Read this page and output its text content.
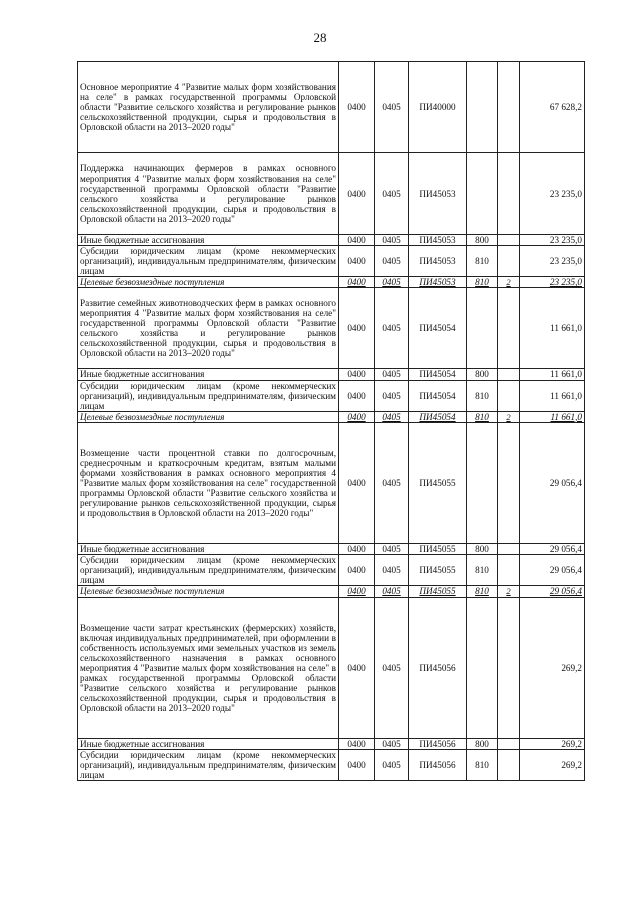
28
Основное мероприятие 4 "Развитие малых форм хозяйствования на селе" в рамках государственной программы Орловской области "Развитие сельского хозяйства и регулирование рынков сельскохозяйственной продукции, сырья и продовольствия в Орловской области на 2013–2020 годы"	0400	0405	ПИ40000			67 628,2
Поддержка начинающих фермеров в рамках основного мероприятия 4 "Развитие малых форм хозяйствования на селе" государственной программы Орловской области "Развитие сельского хозяйства и регулирование рынков сельскохозяйственной продукции, сырья и продовольствия в Орловской области на 2013–2020 годы"	0400	0405	ПИ45053			23 235,0
Иные бюджетные ассигнования	0400	0405	ПИ45053	800		23 235,0
Субсидии юридическим лицам (кроме некоммерческих организаций), индивидуальным предпринимателям, физическим лицам	0400	0405	ПИ45053	810		23 235,0
Целевые безвозмездные поступления	0400	0405	ПИ45053	810	2	23 235,0
Развитие семейных животноводческих ферм в рамках основного мероприятия 4 "Развитие малых форм хозяйствования на селе" государственной программы Орловской области "Развитие сельского хозяйства и регулирование рынков сельскохозяйственной продукции, сырья и продовольствия в Орловской области на 2013–2020 годы"	0400	0405	ПИ45054			11 661,0
Иные бюджетные ассигнования	0400	0405	ПИ45054	800		11 661,0
Субсидии юридическим лицам (кроме некоммерческих организаций), индивидуальным предпринимателям, физическим лицам	0400	0405	ПИ45054	810		11 661,0
Целевые безвозмездные поступления	0400	0405	ПИ45054	810	2	11 661,0
Возмещение части процентной ставки по долгосрочным, среднесрочным и краткосрочным кредитам, взятым малыми формами хозяйствования в рамках основного мероприятия 4 "Развитие малых форм хозяйствования на селе" государственной программы Орловской области "Развитие сельского хозяйства и регулирование рынков сельскохозяйственной продукции, сырья и продовольствия в Орловской области на 2013–2020 годы"	0400	0405	ПИ45055			29 056,4
Иные бюджетные ассигнования	0400	0405	ПИ45055	800		29 056,4
Субсидии юридическим лицам (кроме некоммерческих организаций), индивидуальным предпринимателям, физическим лицам	0400	0405	ПИ45055	810		29 056,4
Целевые безвозмездные поступления	0400	0405	ПИ45055	810	2	29 056,4
Возмещение части затрат крестьянских (фермерских) хозяйств, включая индивидуальных предпринимателей, при оформлении в собственность используемых ими земельных участков из земель сельскохозяйственного назначения в рамках основного мероприятия 4 "Развитие малых форм хозяйствования на селе" в рамках государственной программы Орловской области "Развитие сельского хозяйства и регулирование рынков сельскохозяйственной продукции, сырья и продовольствия в Орловской области на 2013–2020 годы"	0400	0405	ПИ45056			269,2
Иные бюджетные ассигнования	0400	0405	ПИ45056	800		269,2
Субсидии юридическим лицам (кроме некоммерческих организаций), индивидуальным предпринимателям, физическим лицам	0400	0405	ПИ45056	810		269,2
